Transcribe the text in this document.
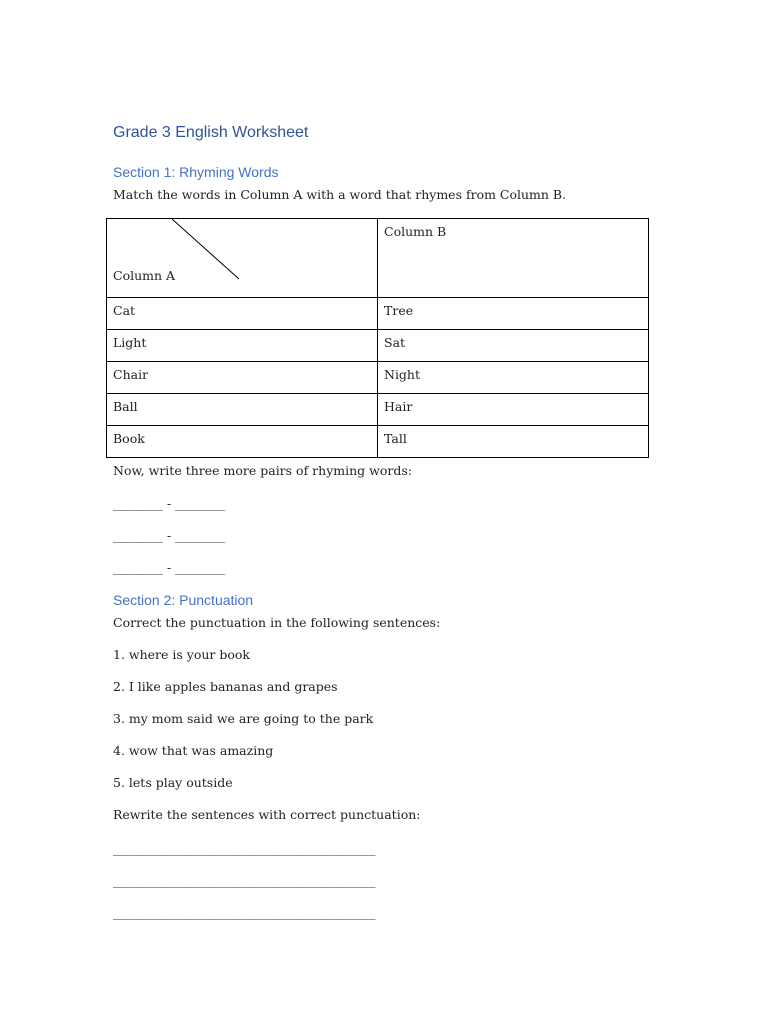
Grade 3 English Worksheet
Section 1: Rhyming Words

Match the words in Column A with a word that rhymes from Column B.

Column A	Column B
Cat	Tree
Light	Sat
Chair	Night
Ball	Hair
Book	Tall

Now, write three more pairs of rhyming words:

________ - ________

________ - ________

________ - ________

Section 2: Punctuation

Correct the punctuation in the following sentences:

1. where is your book

2. I like apples bananas and grapes

3. my mom said we are going to the park

4. wow that was amazing

5. lets play outside

Rewrite the sentences with correct punctuation:

__________________________________________

__________________________________________

__________________________________________
